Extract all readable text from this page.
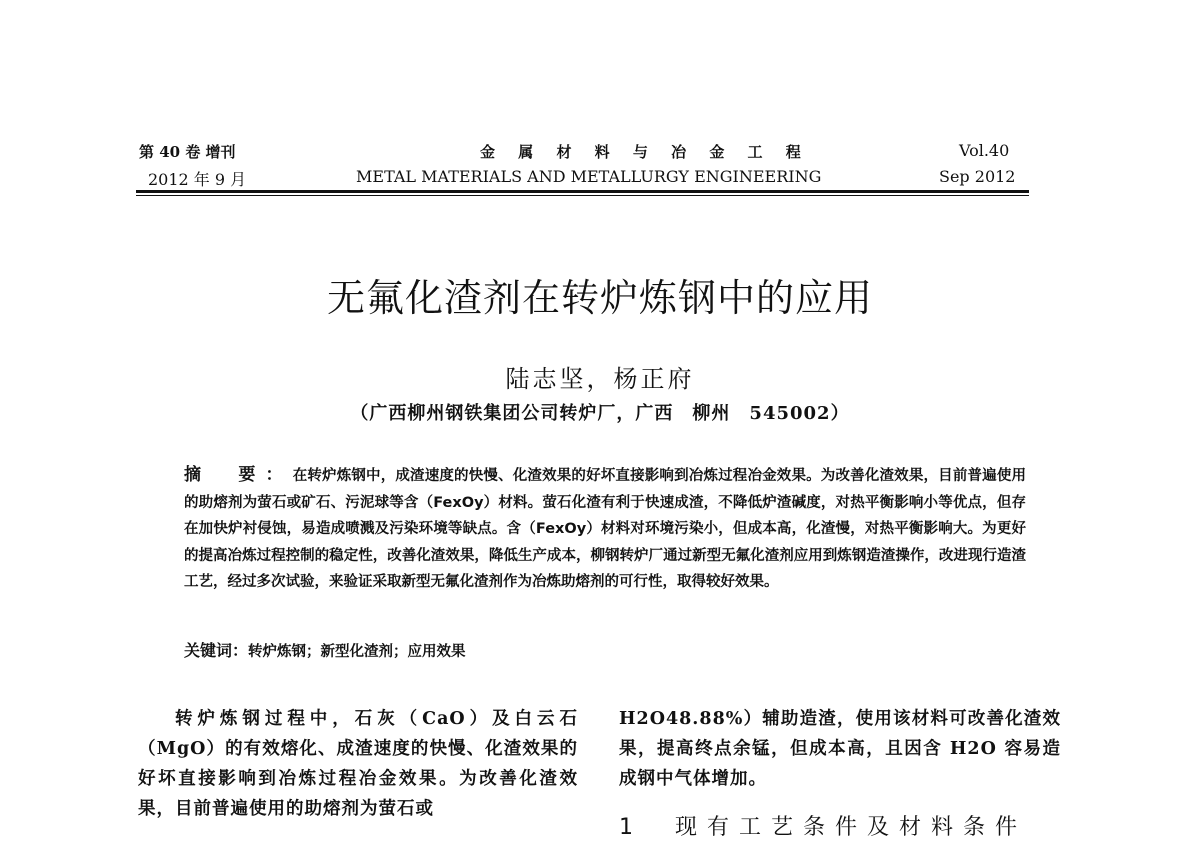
第 40 卷 增刊
2012 年 9 月
金 属 材 料 与 冶 金 工 程
METAL MATERIALS AND METALLURGY ENGINEERING
Vol.40
Sep 2012
无氟化渣剂在转炉炼钢中的应用
陆志坚，杨正府
（广西柳州钢铁集团公司转炉厂，广西　柳州　545002）
摘　要：在转炉炼钢中，成渣速度的快慢、化渣效果的好坏直接影响到冶炼过程冶金效果。为改善化渣效果，目前普遍使用的助熔剂为萤石或矿石、污泥球等含（FexOy）材料。萤石化渣有利于快速成渣，不降低炉渣碱度，对热平衡影响小等优点，但存在加快炉衬侵蚀，易造成喷溅及污染环境等缺点。含（FexOy）材料对环境污染小，但成本高，化渣慢，对热平衡影响大。为更好的提高冶炼过程控制的稳定性，改善化渣效果，降低生产成本，柳钢转炉厂通过新型无氟化渣剂应用到炼钢造渣操作，改进现行造渣工艺，经过多次试验，来验证采取新型无氟化渣剂作为冶炼助熔剂的可行性，取得较好效果。
关键词：转炉炼钢；新型化渣剂；应用效果
转炉炼钢过程中，石灰（CaO）及白云石（MgO）的有效熔化、成渣速度的快慢、化渣效果的好坏直接影响到冶炼过程冶金效果。为改善化渣效果，目前普遍使用的助熔剂为萤石或
H2O48.88%）辅助造渣，使用该材料可改善化渣效果，提高终点余锰，但成本高，且因含 H2O 容易造成钢中气体增加。
1　现有工艺条件及材料条件
